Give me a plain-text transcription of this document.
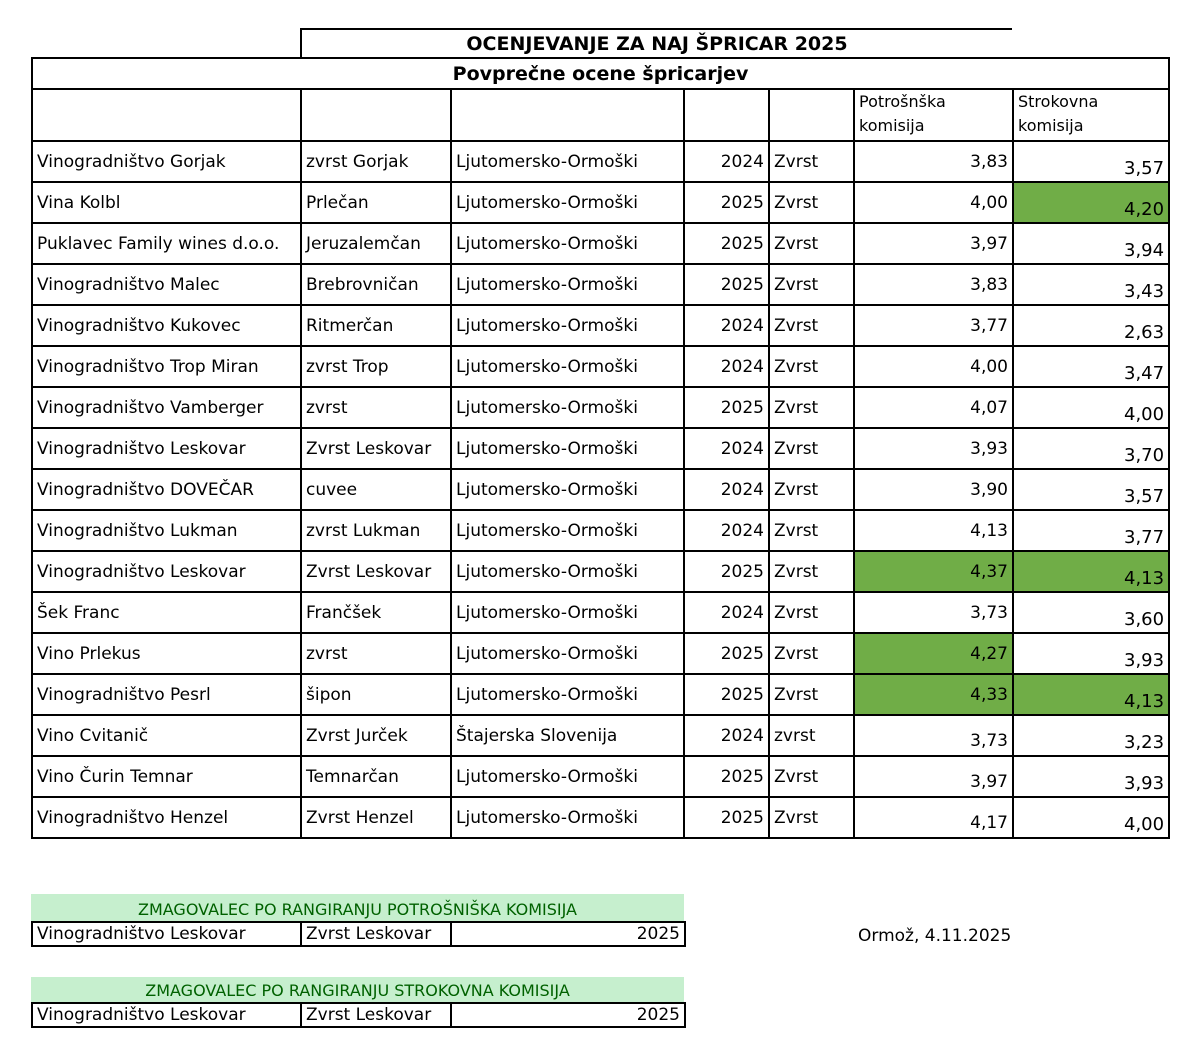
OCENJEVANJE ZA NAJ ŠPRICAR 2025
Povprečne ocene špricarjev						
					Potrošnška komisija	Strokovna komisija
Vinogradništvo Gorjak	zvrst Gorjak	Ljutomersko-Ormoški	2024	Zvrst	3,83	3,57
Vina Kolbl	Prlečan	Ljutomersko-Ormoški	2025	Zvrst	4,00	4,20
Puklavec Family wines d.o.o.	Jeruzalemčan	Ljutomersko-Ormoški	2025	Zvrst	3,97	3,94
Vinogradništvo Malec	Brebrovničan	Ljutomersko-Ormoški	2025	Zvrst	3,83	3,43
Vinogradništvo Kukovec	Ritmerčan	Ljutomersko-Ormoški	2024	Zvrst	3,77	2,63
Vinogradništvo Trop Miran	zvrst Trop	Ljutomersko-Ormoški	2024	Zvrst	4,00	3,47
Vinogradništvo Vamberger	zvrst	Ljutomersko-Ormoški	2025	Zvrst	4,07	4,00
Vinogradništvo Leskovar	Zvrst Leskovar	Ljutomersko-Ormoški	2024	Zvrst	3,93	3,70
Vinogradništvo DOVEČAR	cuvee	Ljutomersko-Ormoški	2024	Zvrst	3,90	3,57
Vinogradništvo Lukman	zvrst Lukman	Ljutomersko-Ormoški	2024	Zvrst	4,13	3,77
Vinogradništvo Leskovar	Zvrst Leskovar	Ljutomersko-Ormoški	2025	Zvrst	4,37	4,13
Šek Franc	Frančšek	Ljutomersko-Ormoški	2024	Zvrst	3,73	3,60
Vino Prlekus	zvrst	Ljutomersko-Ormoški	2025	Zvrst	4,27	3,93
Vinogradništvo Pesrl	šipon	Ljutomersko-Ormoški	2025	Zvrst	4,33	4,13
Vino Cvitanič	Zvrst Jurček	Štajerska Slovenija	2024	zvrst	3,73	3,23
Vino Čurin Temnar	Temnarčan	Ljutomersko-Ormoški	2025	Zvrst	3,97	3,93
Vinogradništvo Henzel	Zvrst Henzel	Ljutomersko-Ormoški	2025	Zvrst	4,17	4,00
ZMAGOVALEC PO RANGIRANJU POTROŠNIŠKA KOMISIJA
Vinogradništvo Leskovar	Zvrst Leskovar	2025
ZMAGOVALEC PO RANGIRANJU STROKOVNA KOMISIJA
Vinogradništvo Leskovar	Zvrst Leskovar	2025
Ormož, 4.11.2025
